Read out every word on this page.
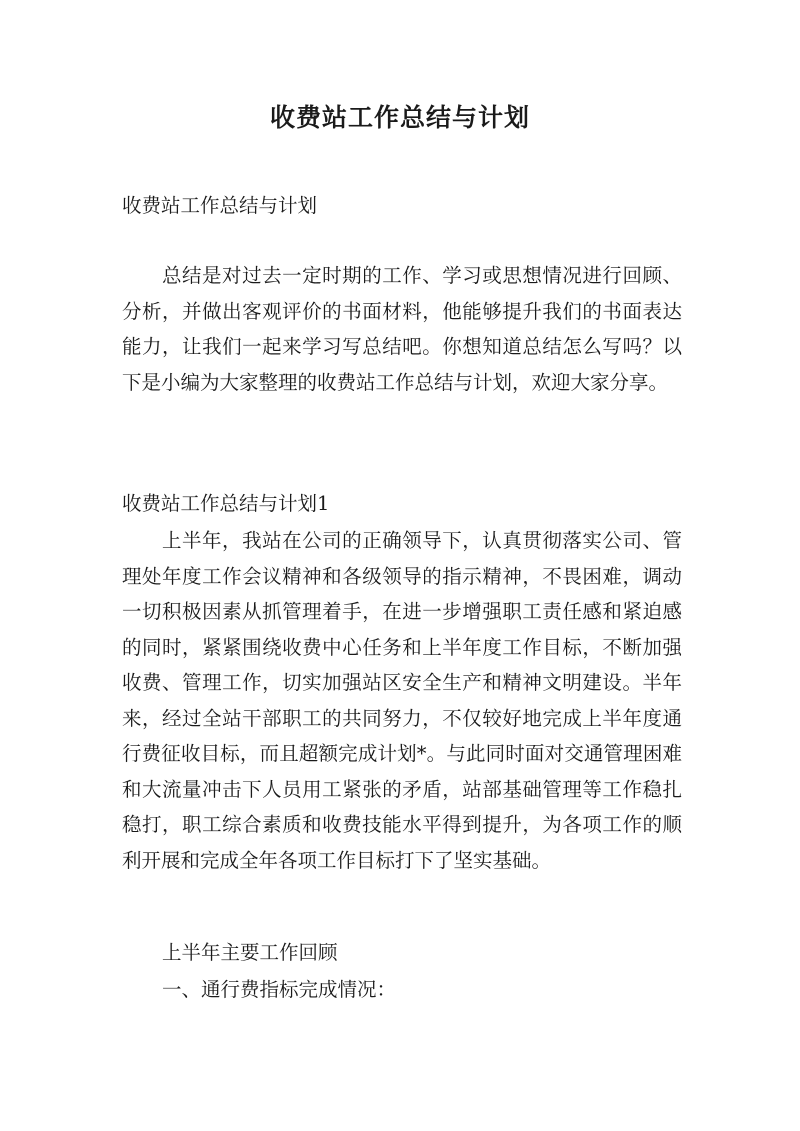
收费站工作总结与计划

收费站工作总结与计划

总结是对过去一定时期的工作、学习或思想情况进行回顾、分析，并做出客观评价的书面材料，他能够提升我们的书面表达能力，让我们一起来学习写总结吧。你想知道总结怎么写吗？以下是小编为大家整理的收费站工作总结与计划，欢迎大家分享。

收费站工作总结与计划1

上半年，我站在公司的正确领导下，认真贯彻落实公司、管理处年度工作会议精神和各级领导的指示精神，不畏困难，调动一切积极因素从抓管理着手，在进一步增强职工责任感和紧迫感的同时，紧紧围绕收费中心任务和上半年度工作目标，不断加强收费、管理工作，切实加强站区安全生产和精神文明建设。半年来，经过全站干部职工的共同努力，不仅较好地完成上半年度通行费征收目标，而且超额完成计划*。与此同时面对交通管理困难和大流量冲击下人员用工紧张的矛盾，站部基础管理等工作稳扎稳打，职工综合素质和收费技能水平得到提升，为各项工作的顺利开展和完成全年各项工作目标打下了坚实基础。

上半年主要工作回顾

一、通行费指标完成情况：
